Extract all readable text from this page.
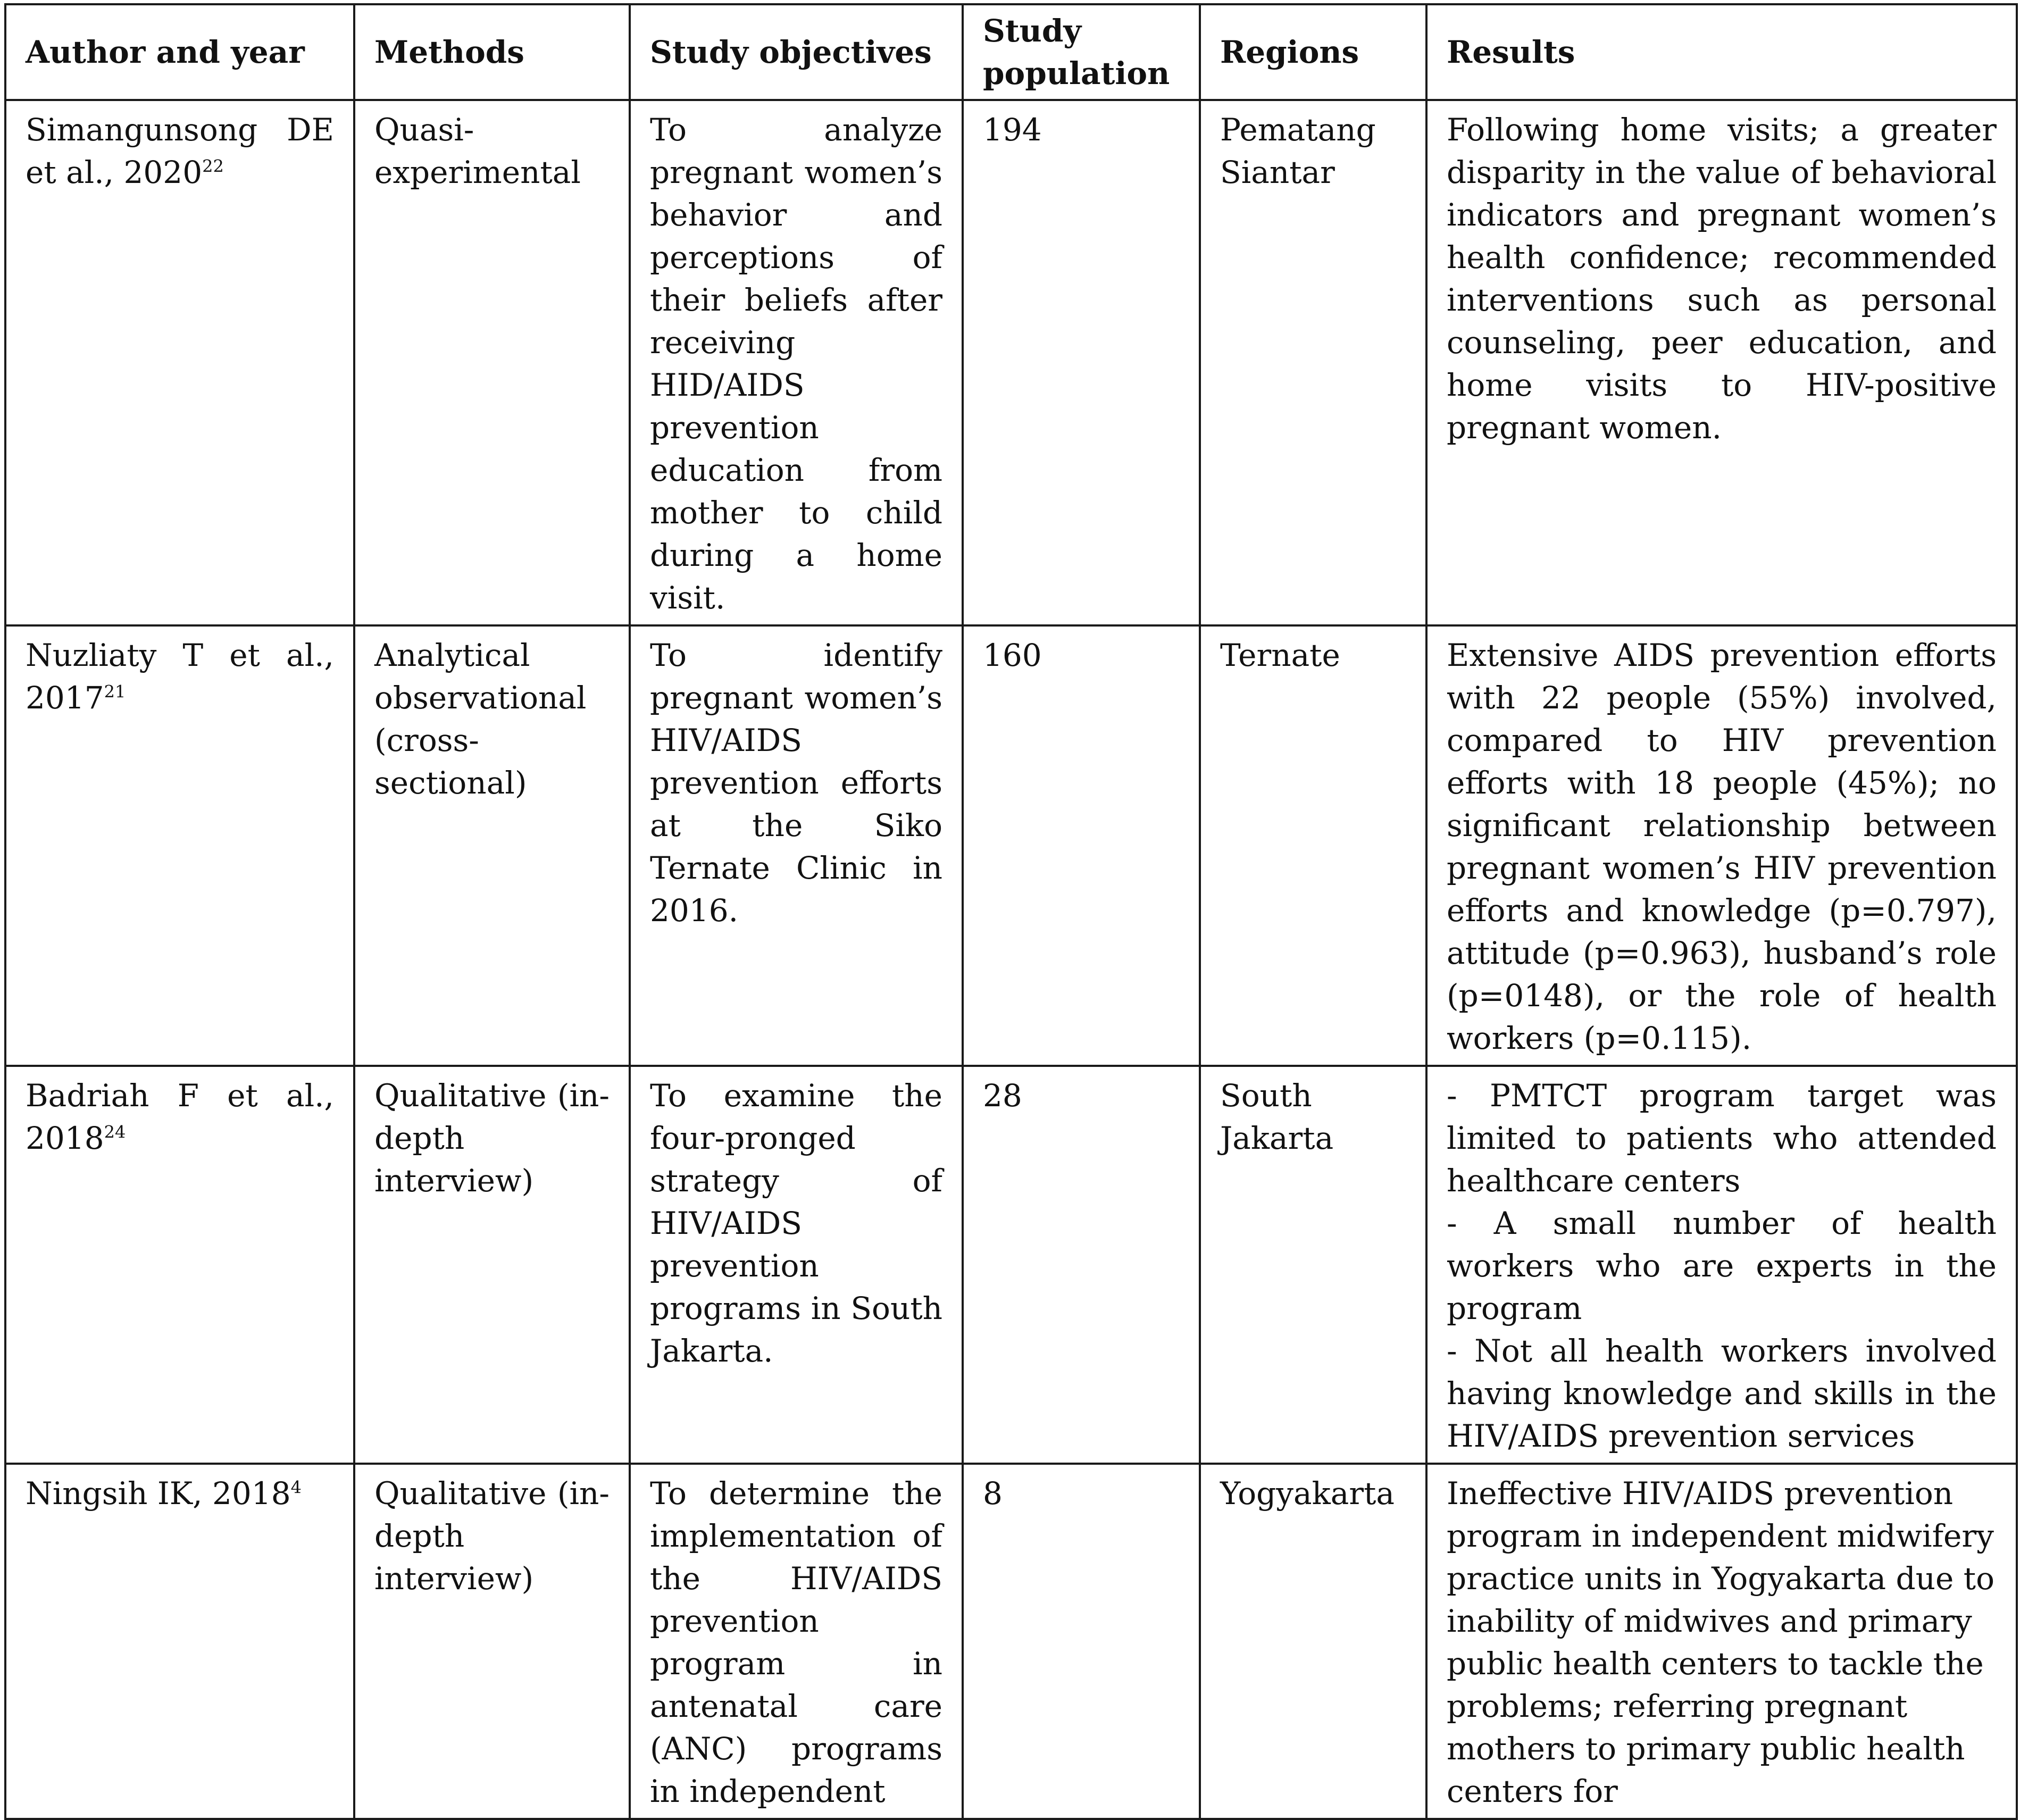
Author and year	Methods	Study objectives	Study population	Regions	Results
Simangunsong DE et al., 2020$^{22}$	Quasi-experimental	To analyze pregnant women’s behavior and perceptions of their beliefs after receiving HID/AIDS prevention education from mother to child during a home visit.	194	Pematang Siantar	Following home visits; a greater disparity in the value of behavioral indicators and pregnant women’s health confidence; recommended interventions such as personal counseling, peer education, and home visits to HIV-positive pregnant women.

Nuzliaty T et al., 2017$^{21}$	Analytical observational (cross-sectional)	To identify pregnant women’s HIV/AIDS prevention efforts at the Siko Ternate Clinic in 2016.	160	Ternate	Extensive AIDS prevention efforts with 22 people (55%) involved, compared to HIV prevention efforts with 18 people (45%); no significant relationship between pregnant women’s HIV prevention efforts and knowledge (p=0.797), attitude (p=0.963), husband’s role (p=0148), or the role of health workers (p=0.115).

Badriah F et al., 2018$^{24}$	Qualitative (in-depth interview)	To examine the four-pronged strategy of HIV/AIDS prevention programs in South Jakarta.	28	South Jakarta	- PMTCT program target was limited to patients who attended healthcare centers
- A small number of health workers who are experts in the program
- Not all health workers involved having knowledge and skills in the HIV/AIDS prevention services

Ningsih IK, 2018$^4$	Qualitative (in-depth interview)	To determine the implementation of the HIV/AIDS prevention program in antenatal care (ANC) programs in independent	8	Yogyakarta	Ineffective HIV/AIDS prevention program in independent midwifery practice units in Yogyakarta due to inability of midwives and primary public health centers to tackle the problems; referring pregnant mothers to primary public health centers for
